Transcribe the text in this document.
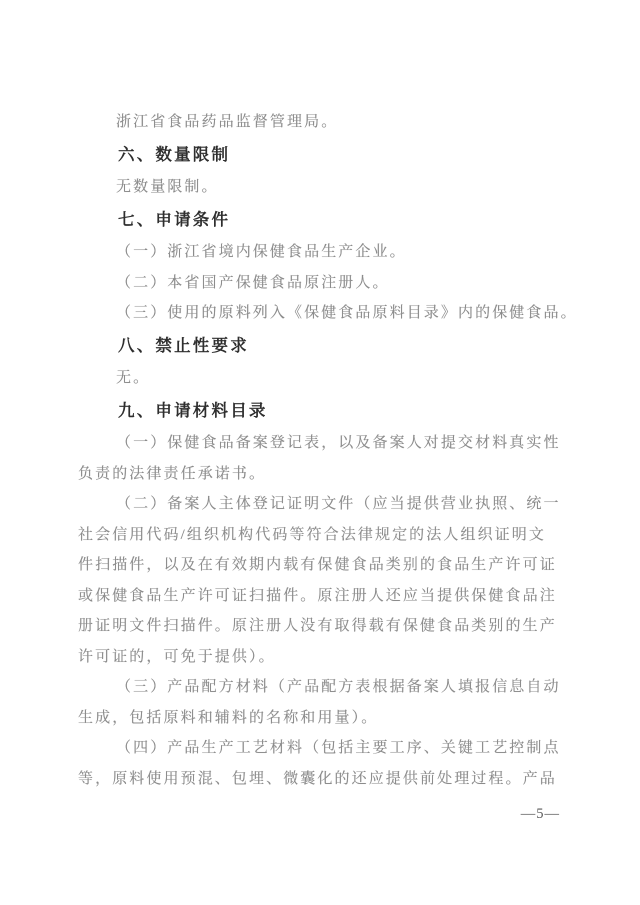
浙江省食品药品监督管理局。
六、数量限制
无数量限制。
七、申请条件
（一）浙江省境内保健食品生产企业。
（二）本省国产保健食品原注册人。
（三）使用的原料列入《保健食品原料目录》内的保健食品。
八、禁止性要求
无。
九、申请材料目录
（一）保健食品备案登记表，以及备案人对提交材料真实性
负责的法律责任承诺书。
（二）备案人主体登记证明文件（应当提供营业执照、统一
社会信用代码/组织机构代码等符合法律规定的法人组织证明文
件扫描件，以及在有效期内载有保健食品类别的食品生产许可证
或保健食品生产许可证扫描件。原注册人还应当提供保健食品注
册证明文件扫描件。原注册人没有取得载有保健食品类别的生产
许可证的，可免于提供）。
（三）产品配方材料（产品配方表根据备案人填报信息自动
生成，包括原料和辅料的名称和用量）。
（四）产品生产工艺材料（包括主要工序、关键工艺控制点
等，原料使用预混、包埋、微囊化的还应提供前处理过程。产品
—5—
